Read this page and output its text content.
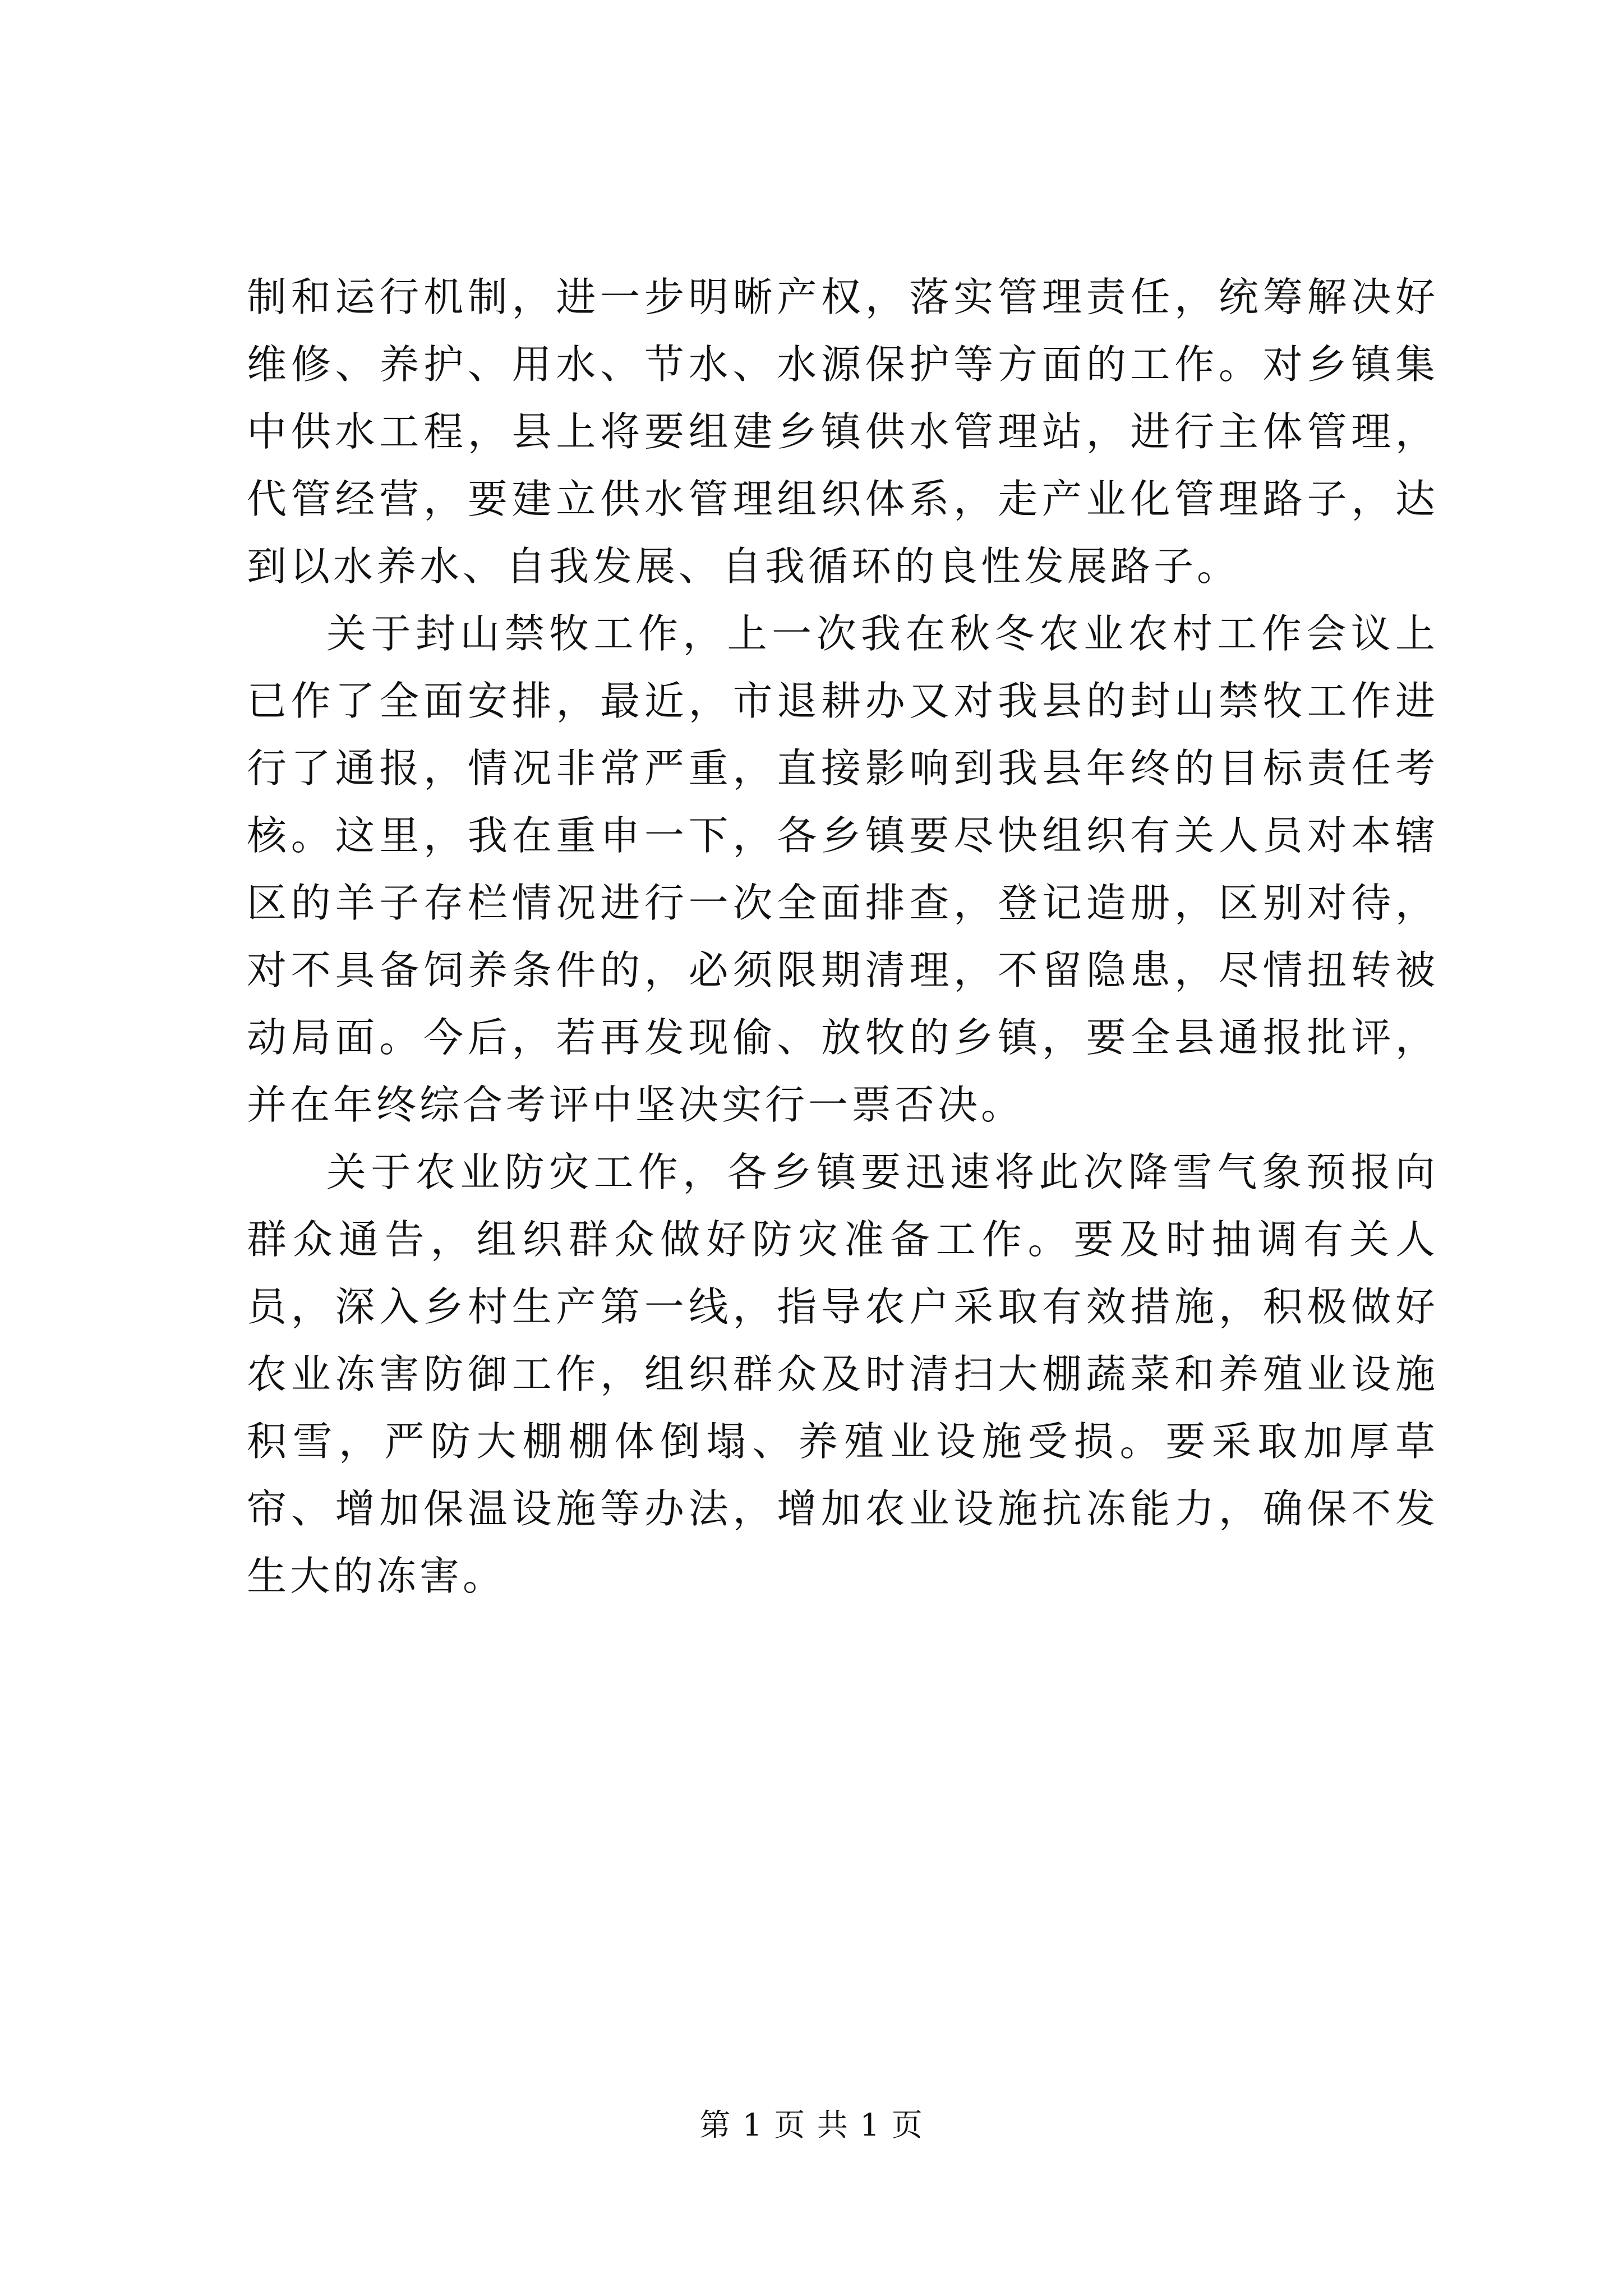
制和运行机制，进一步明晰产权，落实管理责任，统筹解决好维修、养护、用水、节水、水源保护等方面的工作。对乡镇集中供水工程，县上将要组建乡镇供水管理站，进行主体管理，代管经营，要建立供水管理组织体系，走产业化管理路子，达到以水养水、自我发展、自我循环的良性发展路子。

关于封山禁牧工作，上一次我在秋冬农业农村工作会议上已作了全面安排，最近，市退耕办又对我县的封山禁牧工作进行了通报，情况非常严重，直接影响到我县年终的目标责任考核。这里，我在重申一下，各乡镇要尽快组织有关人员对本辖区的羊子存栏情况进行一次全面排查，登记造册，区别对待，对不具备饲养条件的，必须限期清理，不留隐患，尽情扭转被动局面。今后，若再发现偷、放牧的乡镇，要全县通报批评，并在年终综合考评中坚决实行一票否决。

关于农业防灾工作，各乡镇要迅速将此次降雪气象预报向群众通告，组织群众做好防灾准备工作。要及时抽调有关人员，深入乡村生产第一线，指导农户采取有效措施，积极做好农业冻害防御工作，组织群众及时清扫大棚蔬菜和养殖业设施积雪，严防大棚棚体倒塌、养殖业设施受损。要采取加厚草帘、增加保温设施等办法，增加农业设施抗冻能力，确保不发生大的冻害。

第 1 页 共 1 页
